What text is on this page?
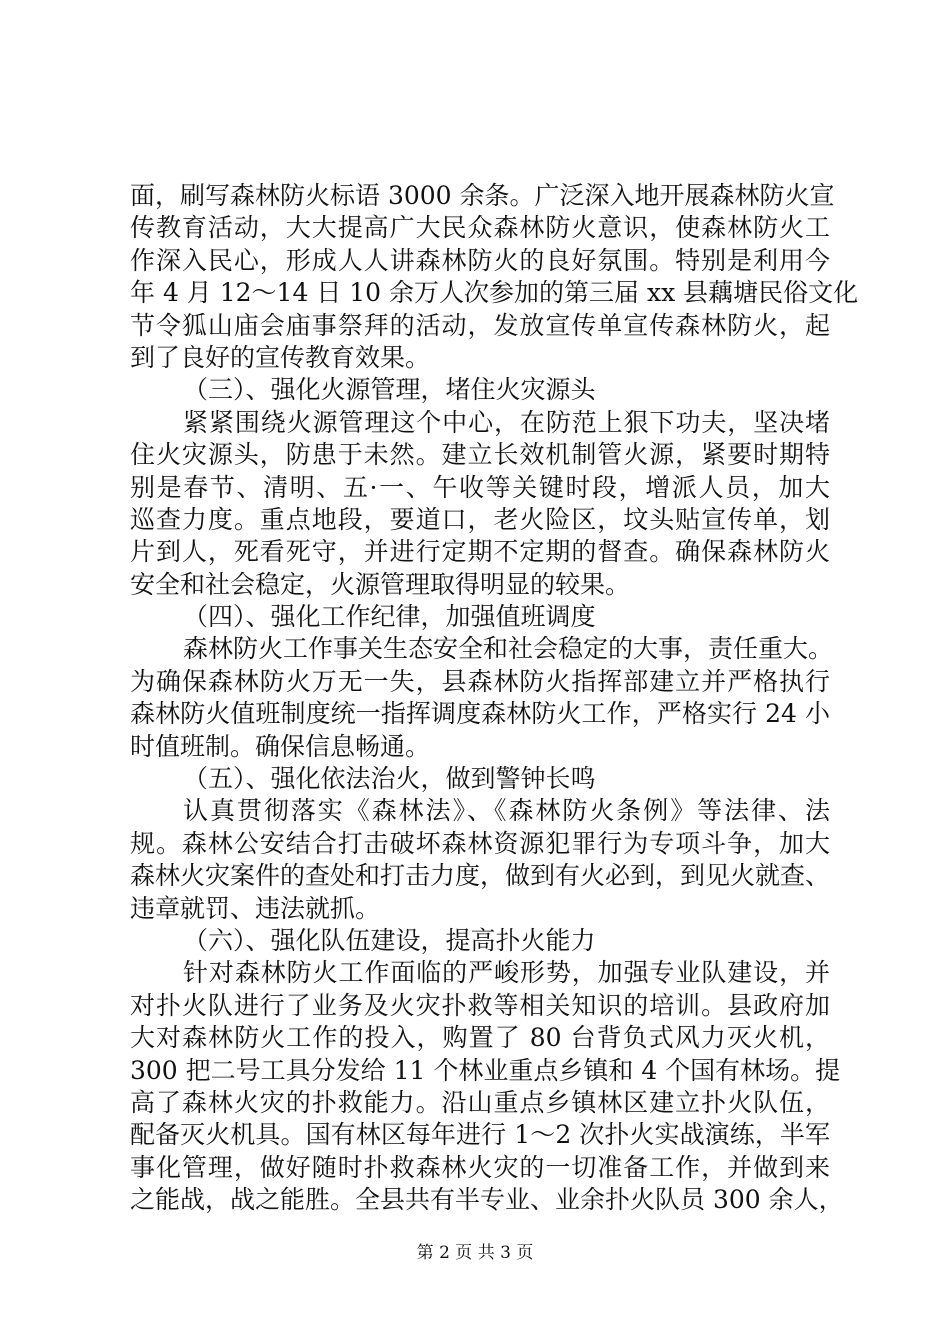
面，刷写森林防火标语 3000 余条。广泛深入地开展森林防火宣
传教育活动，大大提高广大民众森林防火意识，使森林防火工
作深入民心，形成人人讲森林防火的良好氛围。特别是利用今
年 4 月 12～14 日 10 余万人次参加的第三届 xx 县藕塘民俗文化
节令狐山庙会庙事祭拜的活动，发放宣传单宣传森林防火，起
到了良好的宣传教育效果。
（三）、强化火源管理，堵住火灾源头
紧紧围绕火源管理这个中心，在防范上狠下功夫，坚决堵
住火灾源头，防患于未然。建立长效机制管火源，紧要时期特
别是春节、清明、五·一、午收等关键时段，增派人员，加大
巡查力度。重点地段，要道口，老火险区，坟头贴宣传单，划
片到人，死看死守，并进行定期不定期的督查。确保森林防火
安全和社会稳定，火源管理取得明显的较果。
（四）、强化工作纪律，加强值班调度
森林防火工作事关生态安全和社会稳定的大事，责任重大。
为确保森林防火万无一失，县森林防火指挥部建立并严格执行
森林防火值班制度统一指挥调度森林防火工作，严格实行 24 小
时值班制。确保信息畅通。
（五）、强化依法治火，做到警钟长鸣
认真贯彻落实《森林法》、《森林防火条例》等法律、法
规。森林公安结合打击破坏森林资源犯罪行为专项斗争，加大
森林火灾案件的查处和打击力度，做到有火必到，到见火就查、
违章就罚、违法就抓。
（六）、强化队伍建设，提高扑火能力
针对森林防火工作面临的严峻形势，加强专业队建设，并
对扑火队进行了业务及火灾扑救等相关知识的培训。县政府加
大对森林防火工作的投入，购置了 80 台背负式风力灭火机，
300 把二号工具分发给 11 个林业重点乡镇和 4 个国有林场。提
高了森林火灾的扑救能力。沿山重点乡镇林区建立扑火队伍，
配备灭火机具。国有林区每年进行 1～2 次扑火实战演练，半军
事化管理，做好随时扑救森林火灾的一切准备工作，并做到来
之能战，战之能胜。全县共有半专业、业余扑火队员 300 余人，
第 2 页 共 3 页
